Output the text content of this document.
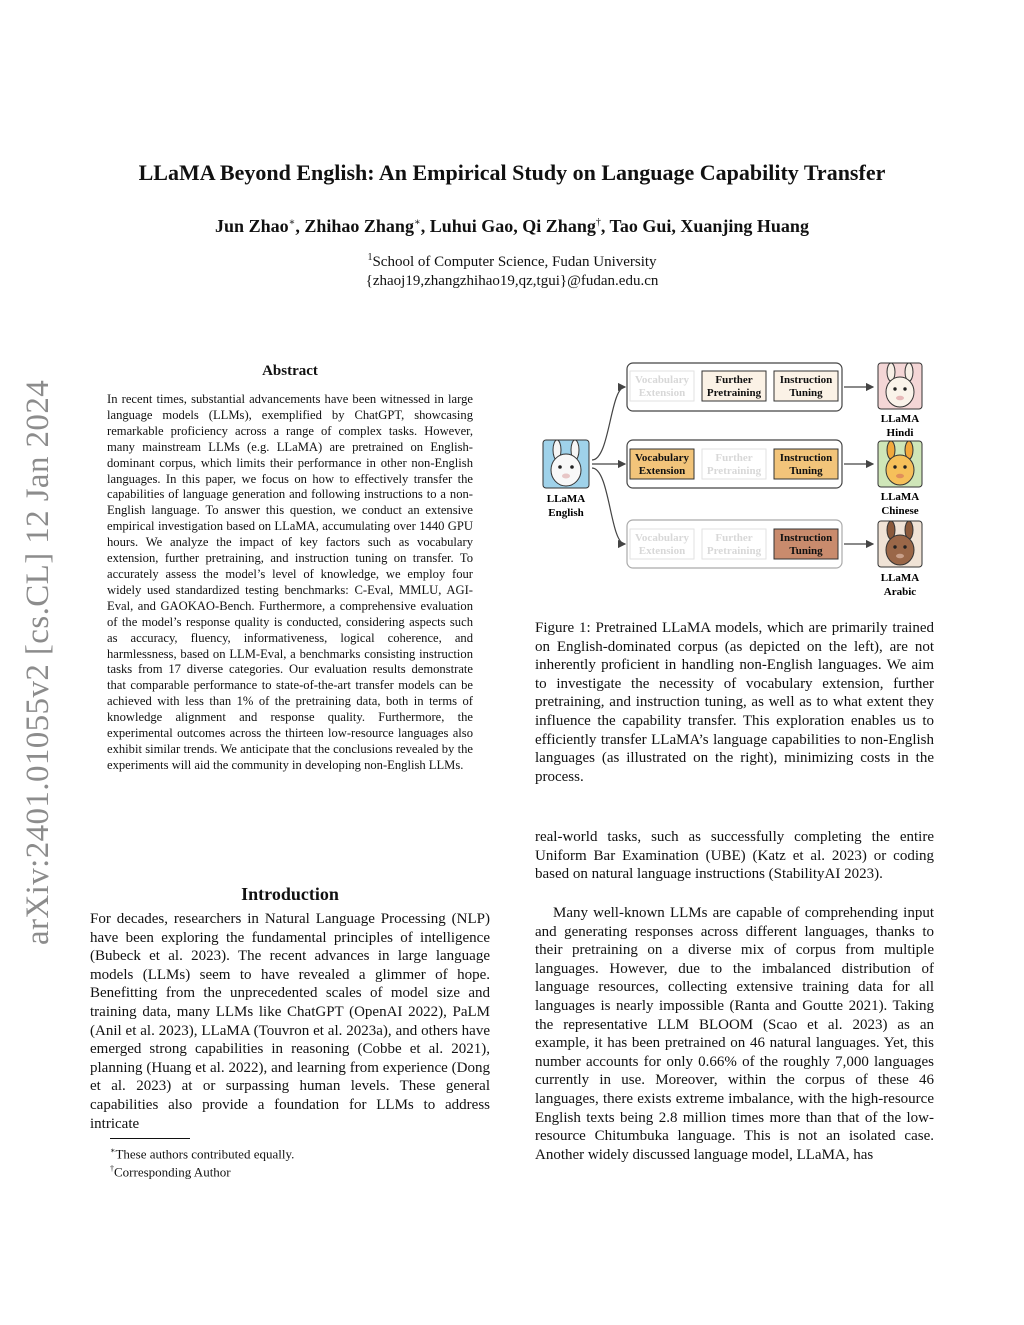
LLaMA Beyond English: An Empirical Study on Language Capability Transfer
Jun Zhao∗, Zhihao Zhang∗, Luhui Gao, Qi Zhang†, Tao Gui, Xuanjing Huang
$^1$School of Computer Science, Fudan University
{zhaoj19,zhangzhihao19,qz,tgui}@fudan.edu.cn
arXiv:2401.01055v2 [cs.CL] 12 Jan 2024
Abstract

In recent times, substantial advancements have been witnessed in large language models (LLMs), exemplified by ChatGPT, showcasing remarkable proficiency across a range of complex tasks. However, many mainstream LLMs (e.g. LLaMA) are pretrained on English-dominant corpus, which limits their performance in other non-English languages. In this paper, we focus on how to effectively transfer the capabilities of language generation and following instructions to a non-English language. To answer this question, we conduct an extensive empirical investigation based on LLaMA, accumulating over 1440 GPU hours. We analyze the impact of key factors such as vocabulary extension, further pretraining, and instruction tuning on transfer. To accurately assess the model’s level of knowledge, we employ four widely used standardized testing benchmarks: C-Eval, MMLU, AGI-Eval, and GAOKAO-Bench. Furthermore, a comprehensive evaluation of the model’s response quality is conducted, considering aspects such as accuracy, fluency, informativeness, logical coherence, and harmlessness, based on LLM-Eval, a benchmarks consisting instruction tasks from 17 diverse categories. Our evaluation results demonstrate that comparable performance to state-of-the-art transfer models can be achieved with less than 1% of the pretraining data, both in terms of knowledge alignment and response quality. Furthermore, the experimental outcomes across the thirteen low-resource languages also exhibit similar trends. We anticipate that the conclusions revealed by the experiments will aid the community in developing non-English LLMs.

Introduction

For decades, researchers in Natural Language Processing (NLP) have been exploring the fundamental principles of intelligence (Bubeck et al. 2023). The recent advances in large language models (LLMs) seem to have revealed a glimmer of hope. Benefitting from the unprecedented scales of model size and training data, many LLMs like ChatGPT (OpenAI 2022), PaLM (Anil et al. 2023), LLaMA (Touvron et al. 2023a), and others have emerged strong capabilities in reasoning (Cobbe et al. 2021), planning (Huang et al. 2022), and learning from experience (Dong et al. 2023) at or surpassing human levels. These general capabilities also provide a foundation for LLMs to address intricate

∗These authors contributed equally.
†Corresponding Author
LLaMA
English
Vocabulary
Extension
Further
Pretraining
Instruction
Tuning
Vocabulary
Extension
Further
Pretraining
Instruction
Tuning
Vocabulary
Extension
Further
Pretraining
Instruction
Tuning
LLaMA
Hindi
LLaMA
Chinese
LLaMA
Arabic
Figure 1: Pretrained LLaMA models, which are primarily trained on English-dominated corpus (as depicted on the left), are not inherently proficient in handling non-English languages. We aim to investigate the necessity of vocabulary extension, further pretraining, and instruction tuning, as well as to what extent they influence the capability transfer. This exploration enables us to efficiently transfer LLaMA’s language capabilities to non-English languages (as illustrated on the right), minimizing costs in the process.
real-world tasks, such as successfully completing the entire Uniform Bar Examination (UBE) (Katz et al. 2023) or coding based on natural language instructions (StabilityAI 2023).
Many well-known LLMs are capable of comprehending input and generating responses across different languages, thanks to their pretraining on a diverse mix of corpus from multiple languages. However, due to the imbalanced distribution of language resources, collecting extensive training data for all languages is nearly impossible (Ranta and Goutte 2021). Taking the representative LLM BLOOM (Scao et al. 2023) as an example, it has been pretrained on 46 natural languages. Yet, this number accounts for only 0.66% of the roughly 7,000 languages currently in use. Moreover, within the corpus of these 46 languages, there exists extreme imbalance, with the high-resource English texts being 2.8 million times more than that of the low-resource Chitumbuka language. This is not an isolated case. Another widely discussed language model, LLaMA, has
